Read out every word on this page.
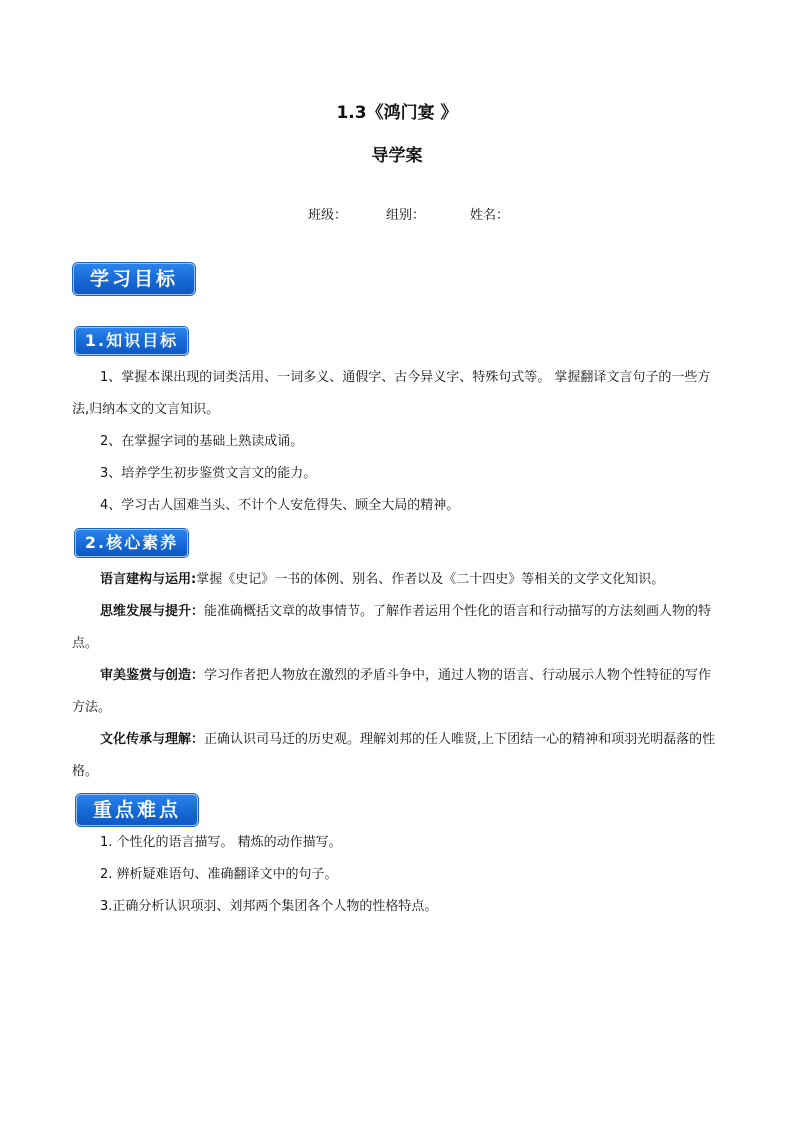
1.3《鸿门宴 》
导学案
班级：	组别：	姓名：
学习目标
1.知识目标
1、掌握本课出现的词类活用、一词多义、通假字、古今异义字、特殊句式等。 掌握翻译文言句子的一些方法,归纳本文的文言知识。
2、在掌握字词的基础上熟读成诵。
3、培养学生初步鉴赏文言文的能力。
4、学习古人国难当头、不计个人安危得失、顾全大局的精神。
2.核心素养
语言建构与运用:掌握《史记》一书的体例、别名、作者以及《二十四史》等相关的文学文化知识。
思维发展与提升：能准确概括文章的故事情节。了解作者运用个性化的语言和行动描写的方法刻画人物的特点。
审美鉴赏与创造：学习作者把人物放在激烈的矛盾斗争中，通过人物的语言、行动展示人物个性特征的写作方法。
文化传承与理解：正确认识司马迁的历史观。理解刘邦的任人唯贤,上下团结一心的精神和项羽光明磊落的性格。
重点难点
1. 个性化的语言描写。 精炼的动作描写。
2. 辨析疑难语句、准确翻译文中的句子。
3.正确分析认识项羽、刘邦两个集团各个人物的性格特点。
